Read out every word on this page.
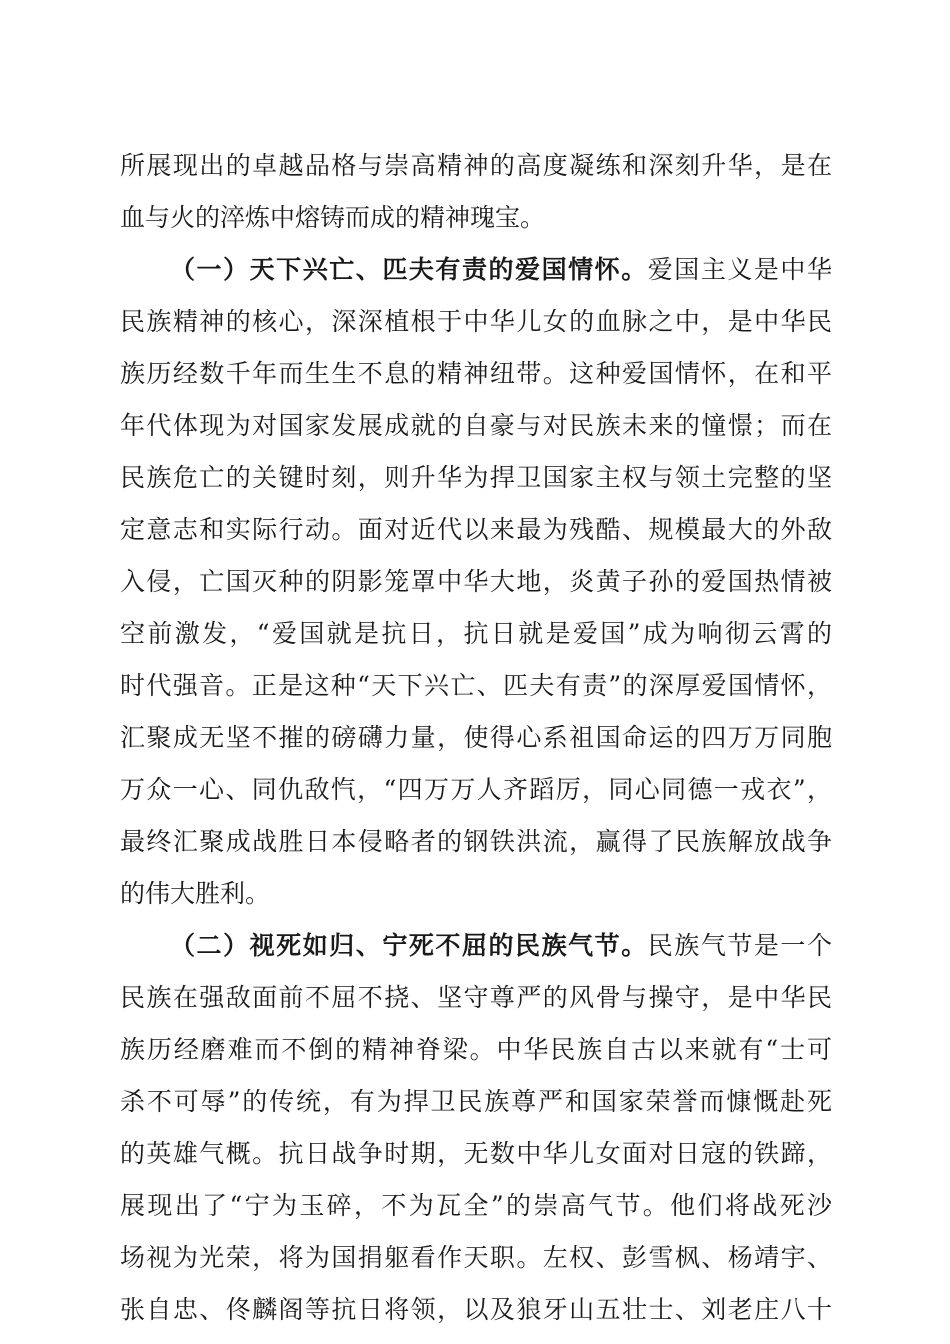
所展现出的卓越品格与崇高精神的高度凝练和深刻升华，是在
血与火的淬炼中熔铸而成的精神瑰宝。
（一）天下兴亡、匹夫有责的爱国情怀。爱国主义是中华
民族精神的核心，深深植根于中华儿女的血脉之中，是中华民
族历经数千年而生生不息的精神纽带。这种爱国情怀，在和平
年代体现为对国家发展成就的自豪与对民族未来的憧憬；而在
民族危亡的关键时刻，则升华为捍卫国家主权与领土完整的坚
定意志和实际行动。面对近代以来最为残酷、规模最大的外敌
入侵，亡国灭种的阴影笼罩中华大地，炎黄子孙的爱国热情被
空前激发，“爱国就是抗日，抗日就是爱国”成为响彻云霄的
时代强音。正是这种“天下兴亡、匹夫有责”的深厚爱国情怀，
汇聚成无坚不摧的磅礴力量，使得心系祖国命运的四万万同胞
万众一心、同仇敌忾，“四万万人齐蹈厉，同心同德一戎衣”，
最终汇聚成战胜日本侵略者的钢铁洪流，赢得了民族解放战争
的伟大胜利。
（二）视死如归、宁死不屈的民族气节。民族气节是一个
民族在强敌面前不屈不挠、坚守尊严的风骨与操守，是中华民
族历经磨难而不倒的精神脊梁。中华民族自古以来就有“士可
杀不可辱”的传统，有为捍卫民族尊严和国家荣誉而慷慨赴死
的英雄气概。抗日战争时期，无数中华儿女面对日寇的铁蹄，
展现出了“宁为玉碎，不为瓦全”的崇高气节。他们将战死沙
场视为光荣，将为国捐躯看作天职。左权、彭雪枫、杨靖宇、
张自忠、佟麟阁等抗日将领，以及狼牙山五壮士、刘老庄八十
